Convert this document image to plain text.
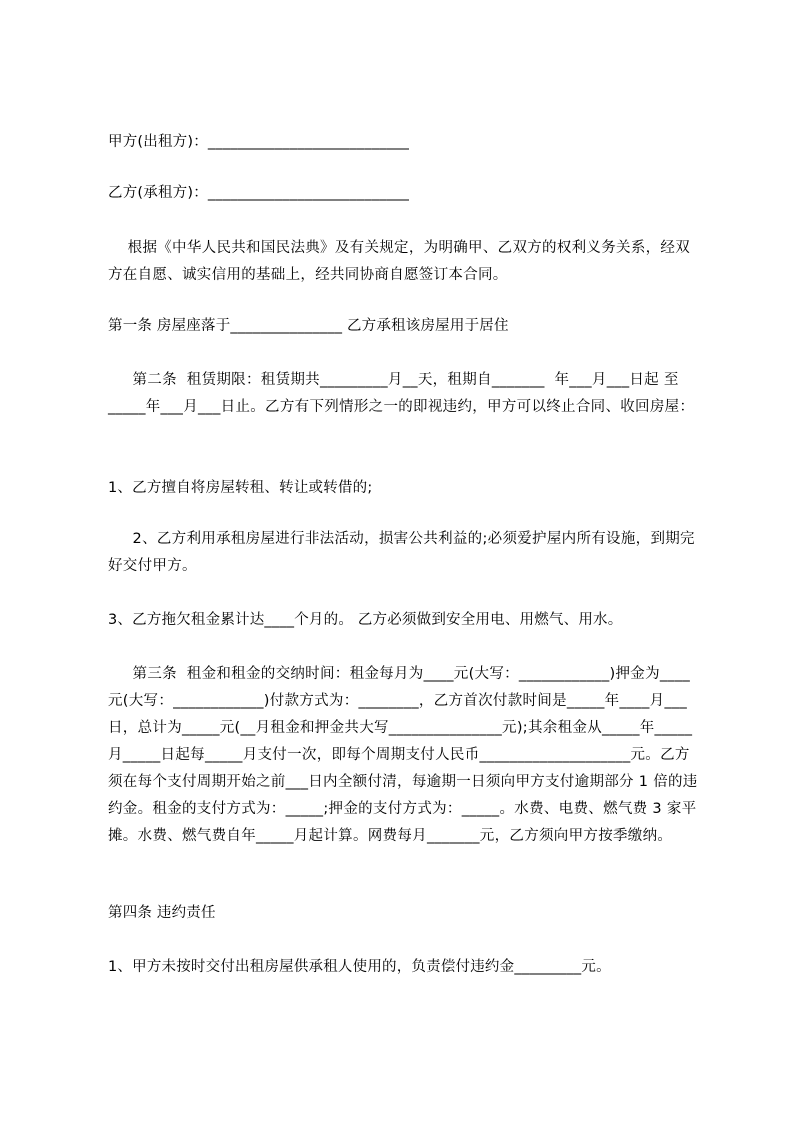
甲方(出租方)：___________________________
乙方(承租方)：___________________________
根据《中华人民共和国民法典》及有关规定，为明确甲、乙双方的权利义务关系，经双方在自愿、诚实信用的基础上，经共同协商自愿签订本合同。
第一条 房屋座落于_______________ 乙方承租该房屋用于居住
第二条  租赁期限：租赁期共_________月__天，租期自_______  年___月___日起 至_____年___月___日止。乙方有下列情形之一的即视违约，甲方可以终止合同、收回房屋：
1、乙方擅自将房屋转租、转让或转借的;
2、乙方利用承租房屋进行非法活动，损害公共利益的;必须爱护屋内所有设施，到期完好交付甲方。
3、乙方拖欠租金累计达____个月的。 乙方必须做到安全用电、用燃气、用水。
第三条  租金和租金的交纳时间：租金每月为____元(大写：____________)押金为____元(大写：____________)付款方式为：________，乙方首次付款时间是_____年____月___日，总计为_____元(__月租金和押金共大写_______________元);其余租金从_____年_____月_____日起每_____月支付一次，即每个周期支付人民币____________________元。乙方须在每个支付周期开始之前___日内全额付清，每逾期一日须向甲方支付逾期部分 1 倍的违约金。租金的支付方式为：_____;押金的支付方式为：_____。水费、电费、燃气费 3 家平摊。水费、燃气费自年_____月起计算。网费每月_______元，乙方须向甲方按季缴纳。
第四条 违约责任
1、甲方未按时交付出租房屋供承租人使用的，负责偿付违约金_________元。
